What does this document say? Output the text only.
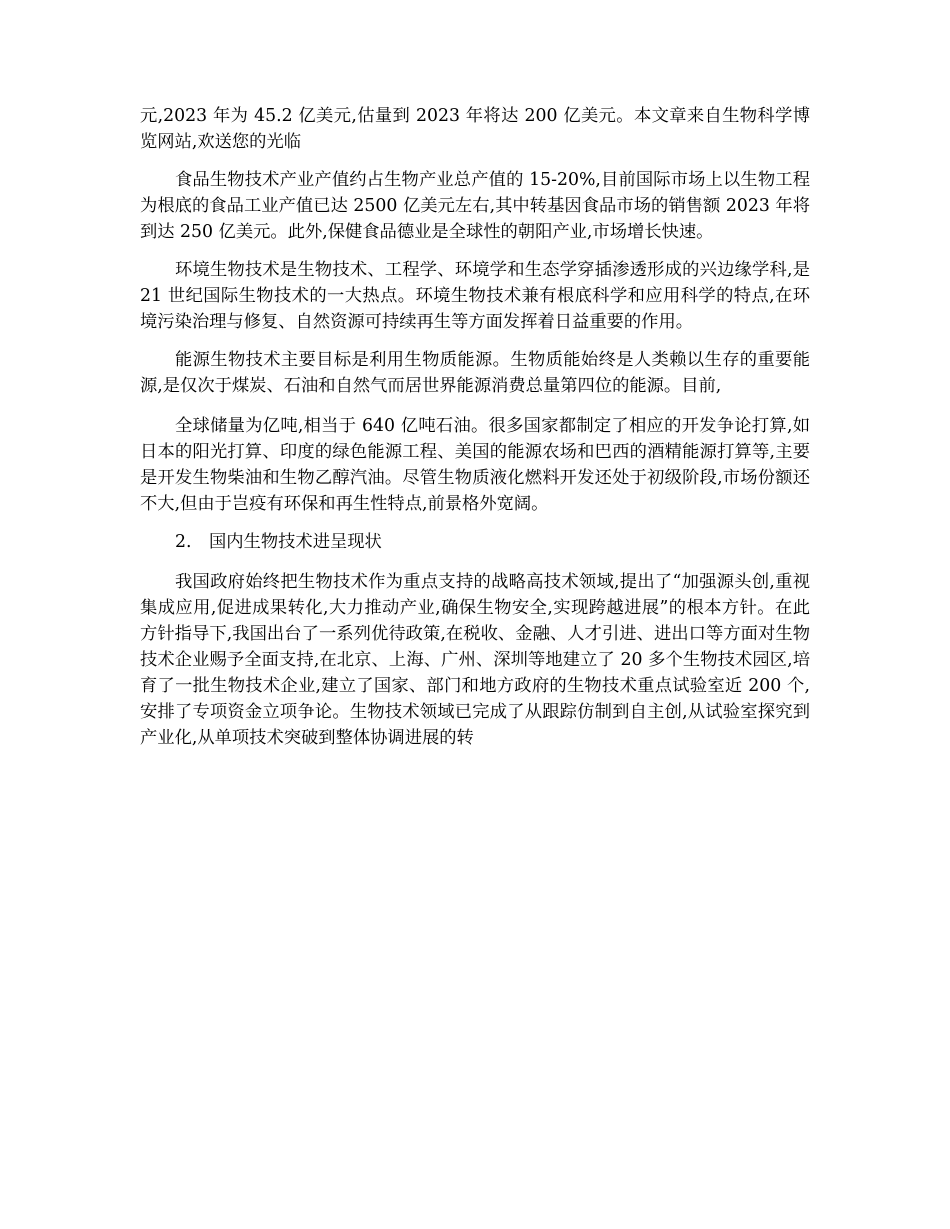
元,2023 年为 45.2 亿美元,估量到 2023 年将达 200 亿美元。本文章来自生物科学博览网站,欢送您的光临

食品生物技术产业产值约占生物产业总产值的 15-20%,目前国际市场上以生物工程为根底的食品工业产值已达 2500 亿美元左右,其中转基因食品市场的销售额 2023 年将到达 250 亿美元。此外,保健食品德业是全球性的朝阳产业,市场增长快速。

环境生物技术是生物技术、工程学、环境学和生态学穿插渗透形成的兴边缘学科,是 21 世纪国际生物技术的一大热点。环境生物技术兼有根底科学和应用科学的特点,在环境污染治理与修复、自然资源可持续再生等方面发挥着日益重要的作用。

能源生物技术主要目标是利用生物质能源。生物质能始终是人类赖以生存的重要能源,是仅次于煤炭、石油和自然气而居世界能源消费总量第四位的能源。目前,

全球储量为亿吨,相当于 640 亿吨石油。很多国家都制定了相应的开发争论打算,如日本的阳光打算、印度的绿色能源工程、美国的能源农场和巴西的酒精能源打算等,主要是开发生物柴油和生物乙醇汽油。尽管生物质液化燃料开发还处于初级阶段,市场份额还不大,但由于岂疫有环保和再生性特点,前景格外宽阔。

2. 国内生物技术进呈现状

我国政府始终把生物技术作为重点支持的战略高技术领域,提出了“加强源头创,重视集成应用,促进成果转化,大力推动产业,确保生物安全,实现跨越进展”的根本方针。在此方针指导下,我国出台了一系列优待政策,在税收、金融、人才引进、进出口等方面对生物技术企业赐予全面支持,在北京、上海、广州、深圳等地建立了 20 多个生物技术园区,培育了一批生物技术企业,建立了国家、部门和地方政府的生物技术重点试验室近 200 个,安排了专项资金立项争论。生物技术领域已完成了从跟踪仿制到自主创,从试验室探究到产业化,从单项技术突破到整体协调进展的转
